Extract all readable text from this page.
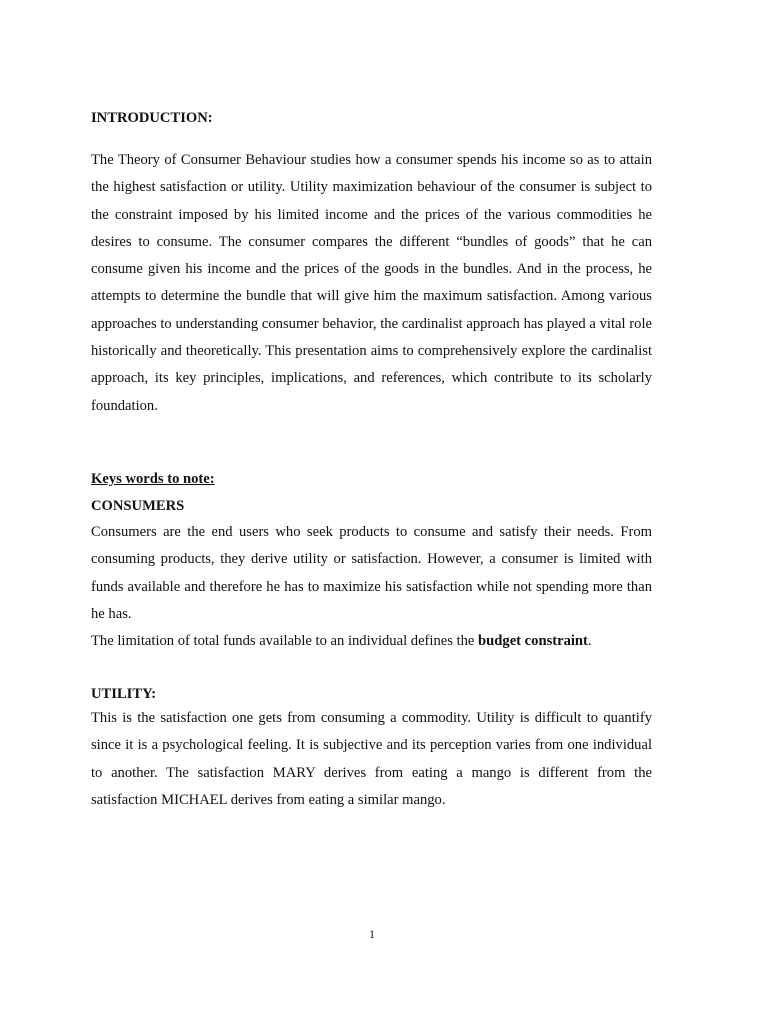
INTRODUCTION:

The Theory of Consumer Behaviour studies how a consumer spends his income so as to attain the highest satisfaction or utility. Utility maximization behaviour of the consumer is subject to the constraint imposed by his limited income and the prices of the various commodities he desires to consume. The consumer compares the different “bundles of goods” that he can consume given his income and the prices of the goods in the bundles. And in the process, he attempts to determine the bundle that will give him the maximum satisfaction. Among various approaches to understanding consumer behavior, the cardinalist approach has played a vital role historically and theoretically. This presentation aims to comprehensively explore the cardinalist approach, its key principles, implications, and references, which contribute to its scholarly foundation.

Keys words to note:

CONSUMERS

Consumers are the end users who seek products to consume and satisfy their needs. From consuming products, they derive utility or satisfaction. However, a consumer is limited with funds available and therefore he has to maximize his satisfaction while not spending more than he has.

The limitation of total funds available to an individual defines the budget constraint.

UTILITY:

This is the satisfaction one gets from consuming a commodity. Utility is difficult to quantify since it is a psychological feeling. It is subjective and its perception varies from one individual to another. The satisfaction MARY derives from eating a mango is different from the satisfaction MICHAEL derives from eating a similar mango.

1
